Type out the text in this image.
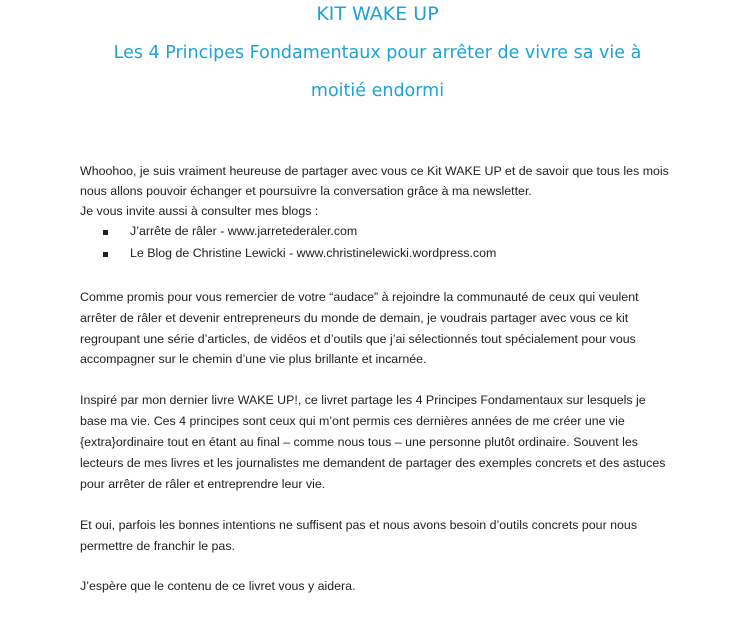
KIT WAKE UP
Les 4 Principes Fondamentaux pour arrêter de vivre sa vie à
moitié endormi
Whoohoo, je suis vraiment heureuse de partager avec vous ce Kit WAKE UP et de savoir que tous les mois
nous allons pouvoir échanger et poursuivre la conversation grâce à ma newsletter.
Je vous invite aussi à consulter mes blogs :
J’arrête de râler - www.jarretederaler.com
Le Blog de Christine Lewicki - www.christinelewicki.wordpress.com
Comme promis pour vous remercier de votre “audace” à rejoindre la communauté de ceux qui veulent
arrêter de râler et devenir entrepreneurs du monde de demain, je voudrais partager avec vous ce kit
regroupant une série d’articles, de vidéos et d’outils que j’ai sélectionnés tout spécialement pour vous
accompagner sur le chemin d’une vie plus brillante et incarnée.
Inspiré par mon dernier livre WAKE UP!, ce livret partage les 4 Principes Fondamentaux sur lesquels je
base ma vie. Ces 4 principes sont ceux qui m’ont permis ces dernières années de me créer une vie
{extra}ordinaire tout en étant au final – comme nous tous – une personne plutôt ordinaire. Souvent les
lecteurs de mes livres et les journalistes me demandent de partager des exemples concrets et des astuces
pour arrêter de râler et entreprendre leur vie.
Et oui, parfois les bonnes intentions ne suffisent pas et nous avons besoin d’outils concrets pour nous
permettre de franchir le pas.
J’espère que le contenu de ce livret vous y aidera.
